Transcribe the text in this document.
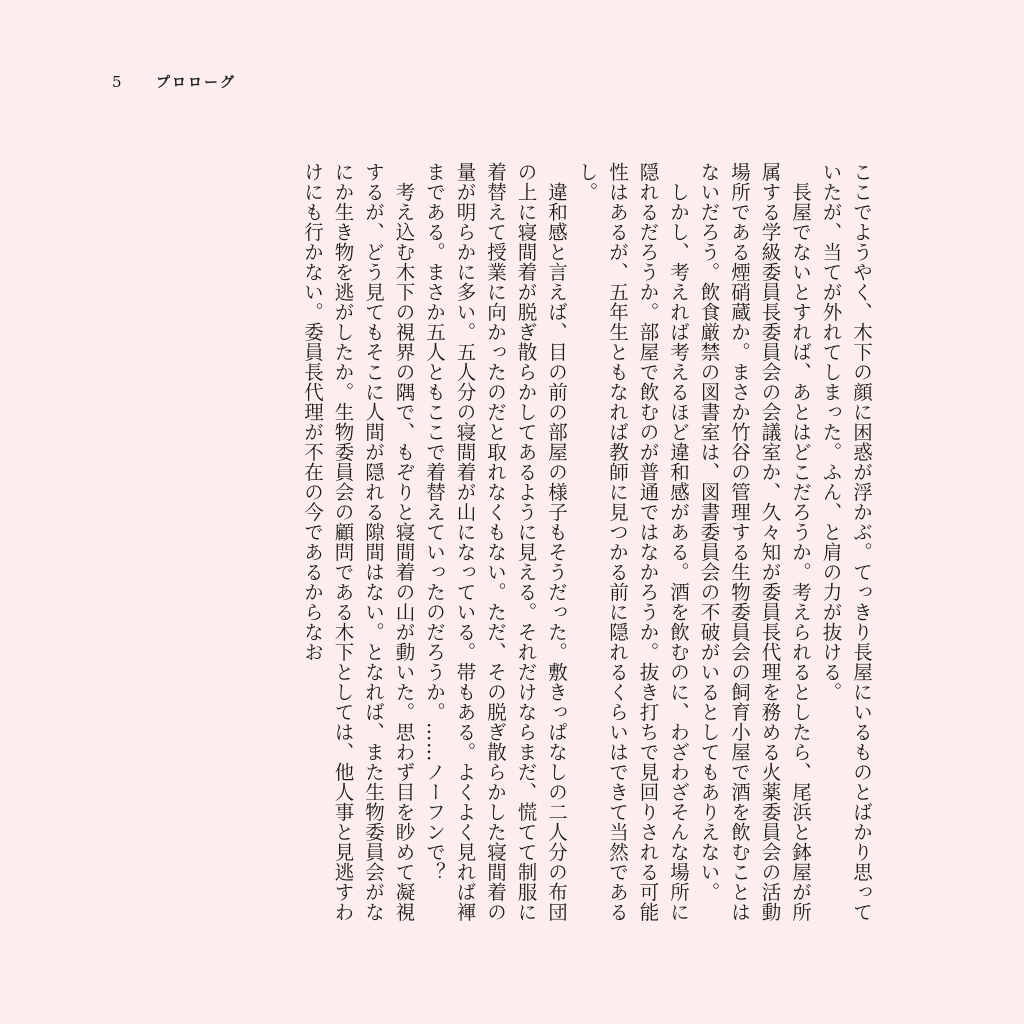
5	プロローグ

ここでようやく、木下の顔に困惑が浮かぶ。てっきり長屋にいるものとばかり思っていたが、当てが外れてしまった。ふん、と肩の力が抜ける。

長屋でないとすれば、あとはどこだろうか。考えられるとしたら、尾浜と鉢屋が所属する学級委員長委員会の会議室か、久々知が委員長代理を務める火薬委員会の活動場所である煙硝蔵か。まさか竹谷の管理する生物委員会の飼育小屋で酒を飲むことはないだろう。飲食厳禁の図書室は、図書委員会の不破がいるとしてもありえない。

しかし、考えれば考えるほど違和感がある。酒を飲むのに、わざわざそんな場所に隠れるだろうか。部屋で飲むのが普通ではなかろうか。抜き打ちで見回りされる可能性はあるが、五年生ともなれば教師に見つかる前に隠れるくらいはできて当然であるし。

違和感と言えば、目の前の部屋の様子もそうだった。敷きっぱなしの二人分の布団の上に寝間着が脱ぎ散らかしてあるように見える。それだけならまだ、慌てて制服に着替えて授業に向かったのだと取れなくもない。ただ、その脱ぎ散らかした寝間着の量が明らかに多い。五人分の寝間着が山になっている。帯もある。よくよく見れば褌まである。まさか五人ともここで着替えていったのだろうか。……ノーフンで？

考え込む木下の視界の隅で、もぞりと寝間着の山が動いた。思わず目を眇めて凝視するが、どう見てもそこに人間が隠れる隙間はない。となれば、また生物委員会がなにか生き物を逃がしたか。生物委員会の顧問である木下としては、他人事と見逃すわけにも行かない。委員長代理が不在の今であるからなお
